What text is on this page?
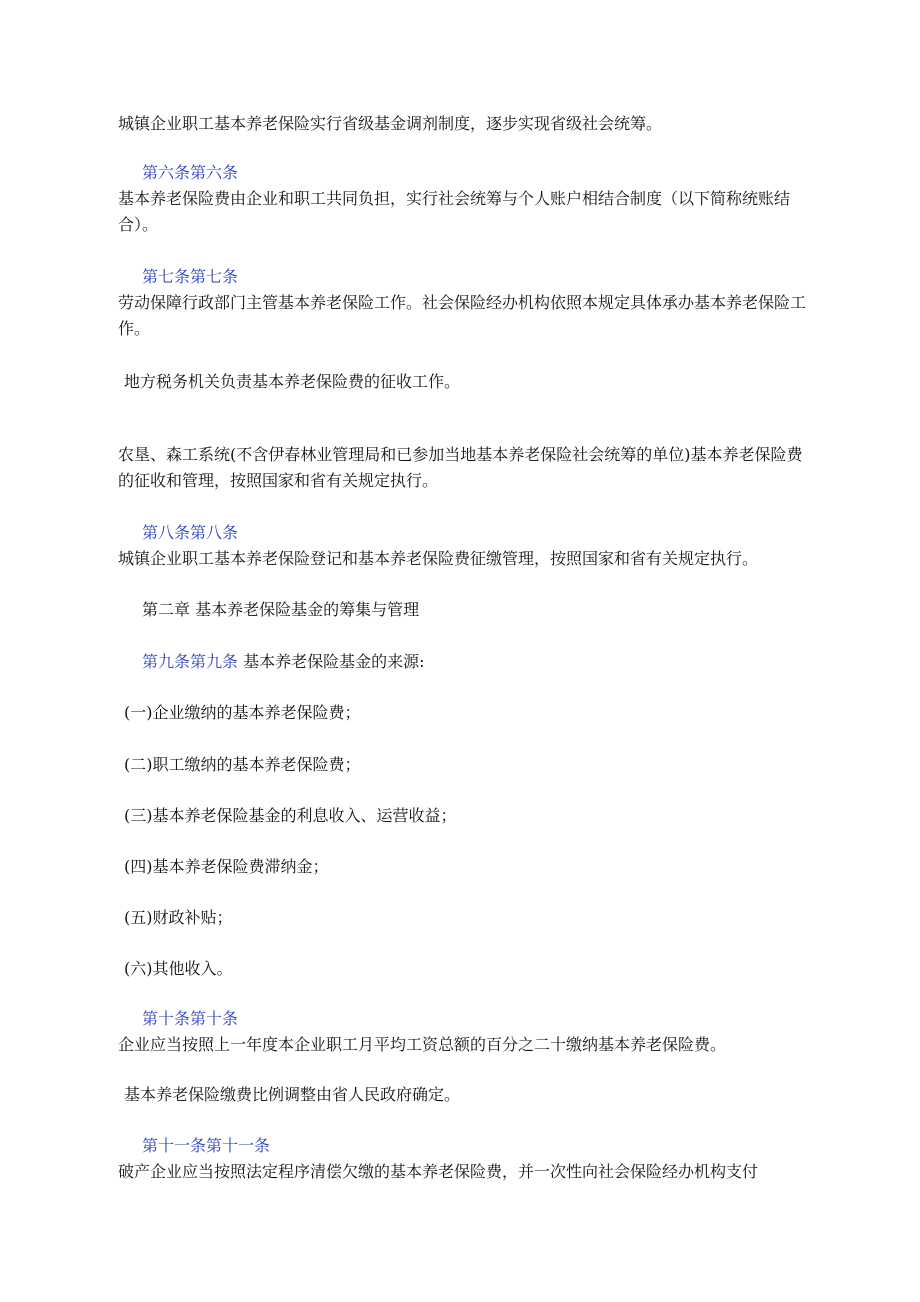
城镇企业职工基本养老保险实行省级基金调剂制度，逐步实现省级社会统筹。
第六条第六条
基本养老保险费由企业和职工共同负担，实行社会统筹与个人账户相结合制度（以下简称统账结合）。
第七条第七条
劳动保障行政部门主管基本养老保险工作。社会保险经办机构依照本规定具体承办基本养老保险工作。
地方税务机关负责基本养老保险费的征收工作。
农垦、森工系统(不含伊春林业管理局和已参加当地基本养老保险社会统筹的单位)基本养老保险费的征收和管理，按照国家和省有关规定执行。
第八条第八条
城镇企业职工基本养老保险登记和基本养老保险费征缴管理，按照国家和省有关规定执行。
第二章 基本养老保险基金的筹集与管理
第九条第九条 基本养老保险基金的来源:
(一)企业缴纳的基本养老保险费；
(二)职工缴纳的基本养老保险费；
(三)基本养老保险基金的利息收入、运营收益；
(四)基本养老保险费滞纳金；
(五)财政补贴；
(六)其他收入。
第十条第十条
企业应当按照上一年度本企业职工月平均工资总额的百分之二十缴纳基本养老保险费。
基本养老保险缴费比例调整由省人民政府确定。
第十一条第十一条
破产企业应当按照法定程序清偿欠缴的基本养老保险费，并一次性向社会保险经办机构支付
